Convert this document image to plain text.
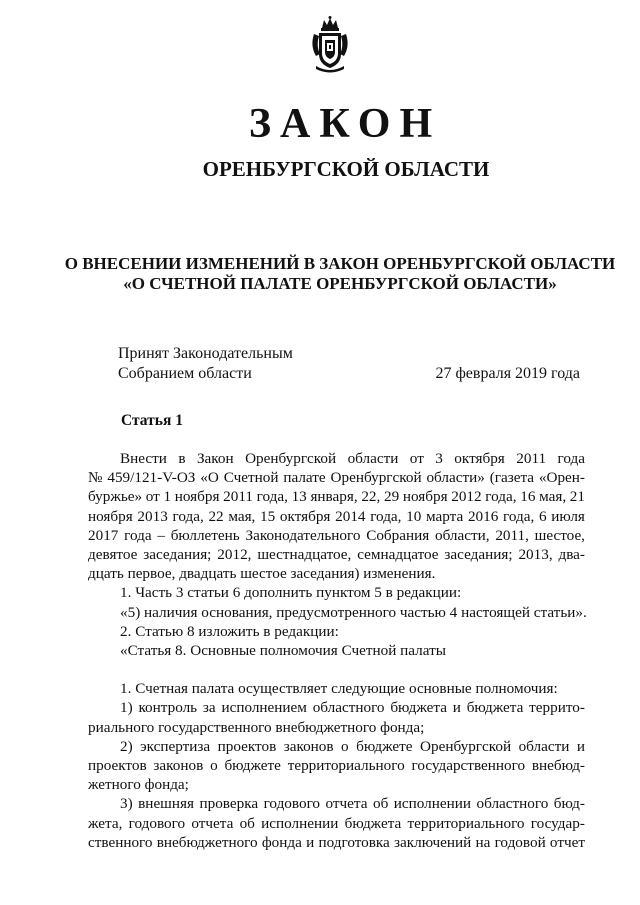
ЗАКОН
ОРЕНБУРГСКОЙ ОБЛАСТИ
О ВНЕСЕНИИ ИЗМЕНЕНИЙ В ЗАКОН ОРЕНБУРГСКОЙ ОБЛАСТИ
«О СЧЕТНОЙ ПАЛАТЕ ОРЕНБУРГСКОЙ ОБЛАСТИ»
Принят Законодательным
Собранием области	27 февраля 2019 года
Статья 1
Внести в Закон Оренбургской области от 3 октября 2011 года
№ 459/121-V-ОЗ «О Счетной палате Оренбургской области» (газета «Орен-
буржье» от 1 ноября 2011 года, 13 января, 22, 29 ноября 2012 года, 16 мая, 21
ноября 2013 года, 22 мая, 15 октября 2014 года, 10 марта 2016 года, 6 июля
2017 года – бюллетень Законодательного Собрания области, 2011, шестое,
девятое заседания; 2012, шестнадцатое, семнадцатое заседания; 2013, два-
дцать первое, двадцать шестое заседания) изменения.
1. Часть 3 статьи 6 дополнить пунктом 5 в редакции:
«5) наличия основания, предусмотренного частью 4 настоящей статьи».
2. Статью 8 изложить в редакции:
«Статья 8. Основные полномочия Счетной палаты
1. Счетная палата осуществляет следующие основные полномочия:
1) контроль за исполнением областного бюджета и бюджета террито-
риального государственного внебюджетного фонда;
2) экспертиза проектов законов о бюджете Оренбургской области и
проектов законов о бюджете территориального государственного внебюд-
жетного фонда;
3) внешняя проверка годового отчета об исполнении областного бюд-
жета, годового отчета об исполнении бюджета территориального государ-
ственного внебюджетного фонда и подготовка заключений на годовой отчет
